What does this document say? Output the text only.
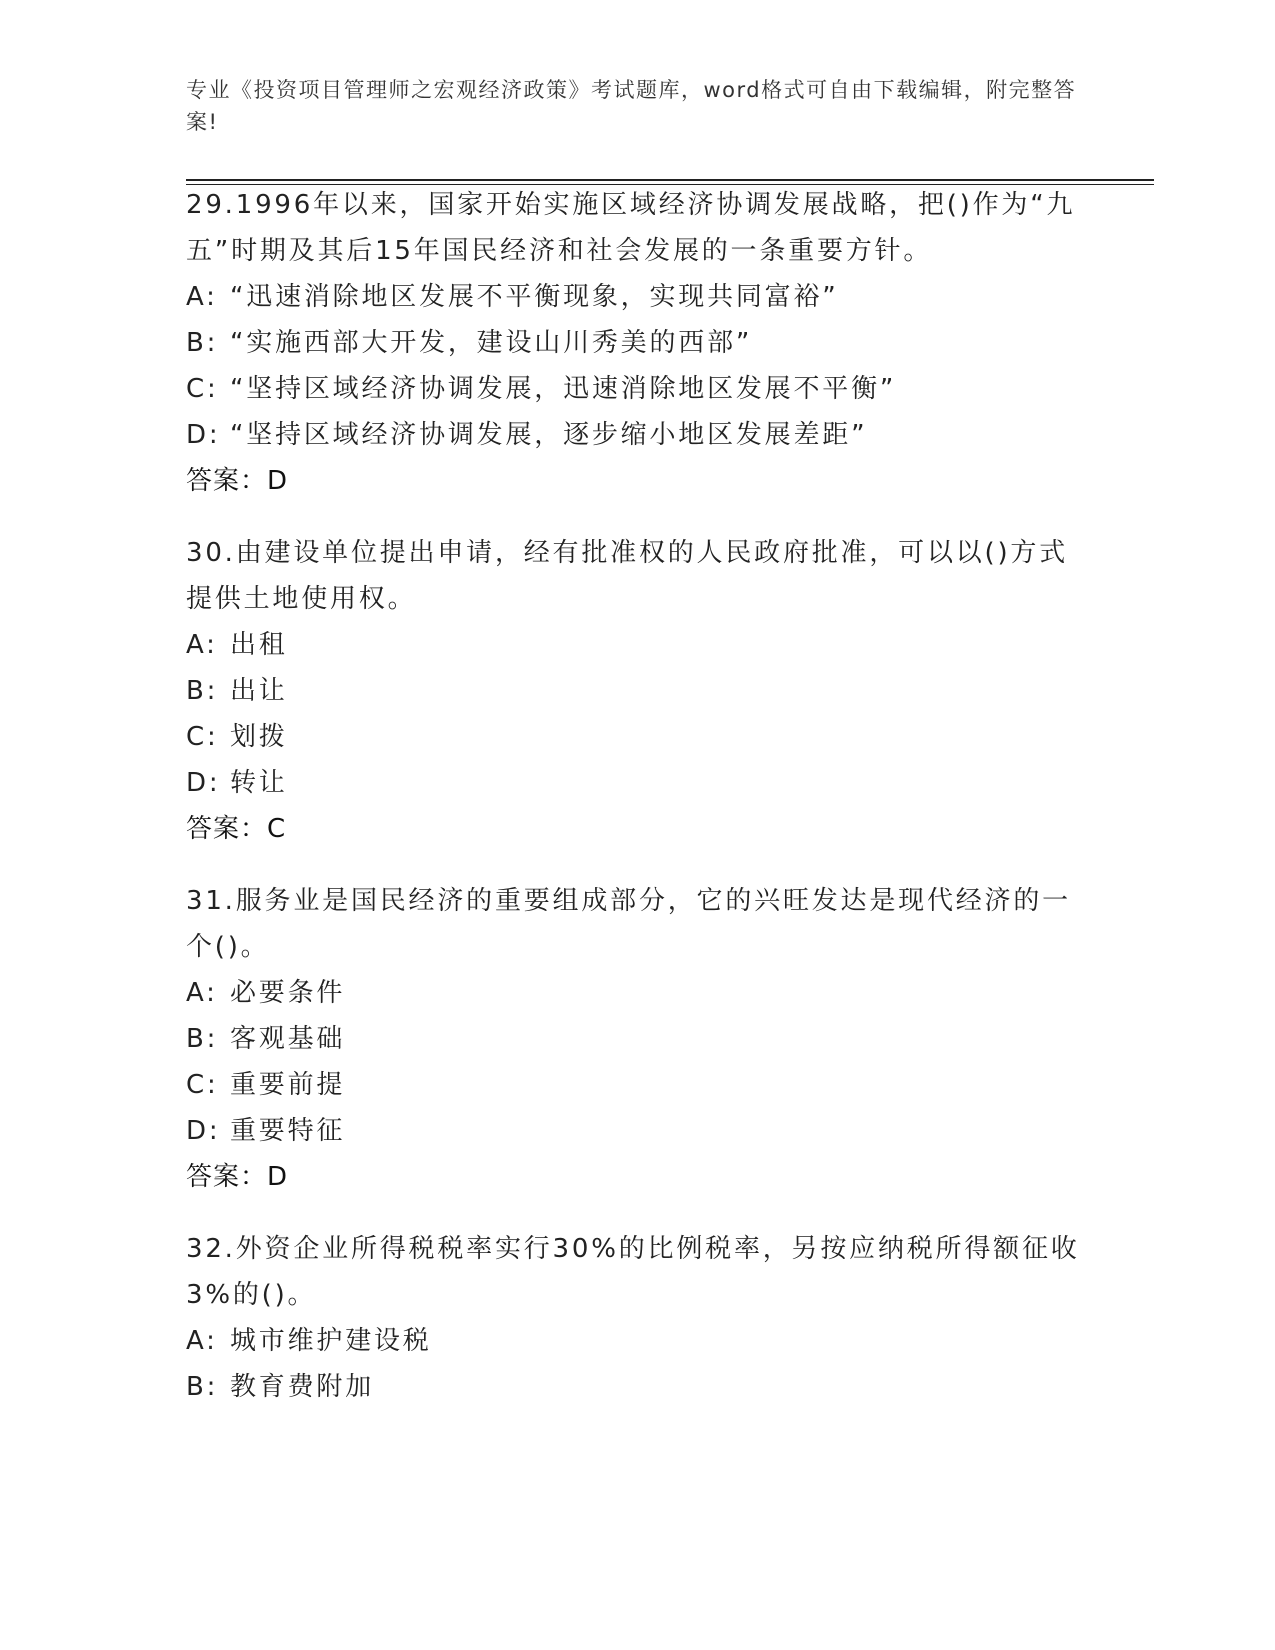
专业《投资项目管理师之宏观经济政策》考试题库，word格式可自由下载编辑，附完整答案!
29.1996年以来，国家开始实施区域经济协调发展战略，把()作为“九五”时期及其后15年国民经济和社会发展的一条重要方针。
A: “迅速消除地区发展不平衡现象，实现共同富裕”
B: “实施西部大开发，建设山川秀美的西部”
C: “坚持区域经济协调发展，迅速消除地区发展不平衡”
D: “坚持区域经济协调发展，逐步缩小地区发展差距”
答案：D
30.由建设单位提出申请，经有批准权的人民政府批准，可以以()方式提供土地使用权。
A: 出租
B: 出让
C: 划拨
D: 转让
答案：C
31.服务业是国民经济的重要组成部分，它的兴旺发达是现代经济的一个()。
A: 必要条件
B: 客观基础
C: 重要前提
D: 重要特征
答案：D
32.外资企业所得税税率实行30%的比例税率，另按应纳税所得额征收3%的()。
A: 城市维护建设税
B: 教育费附加
